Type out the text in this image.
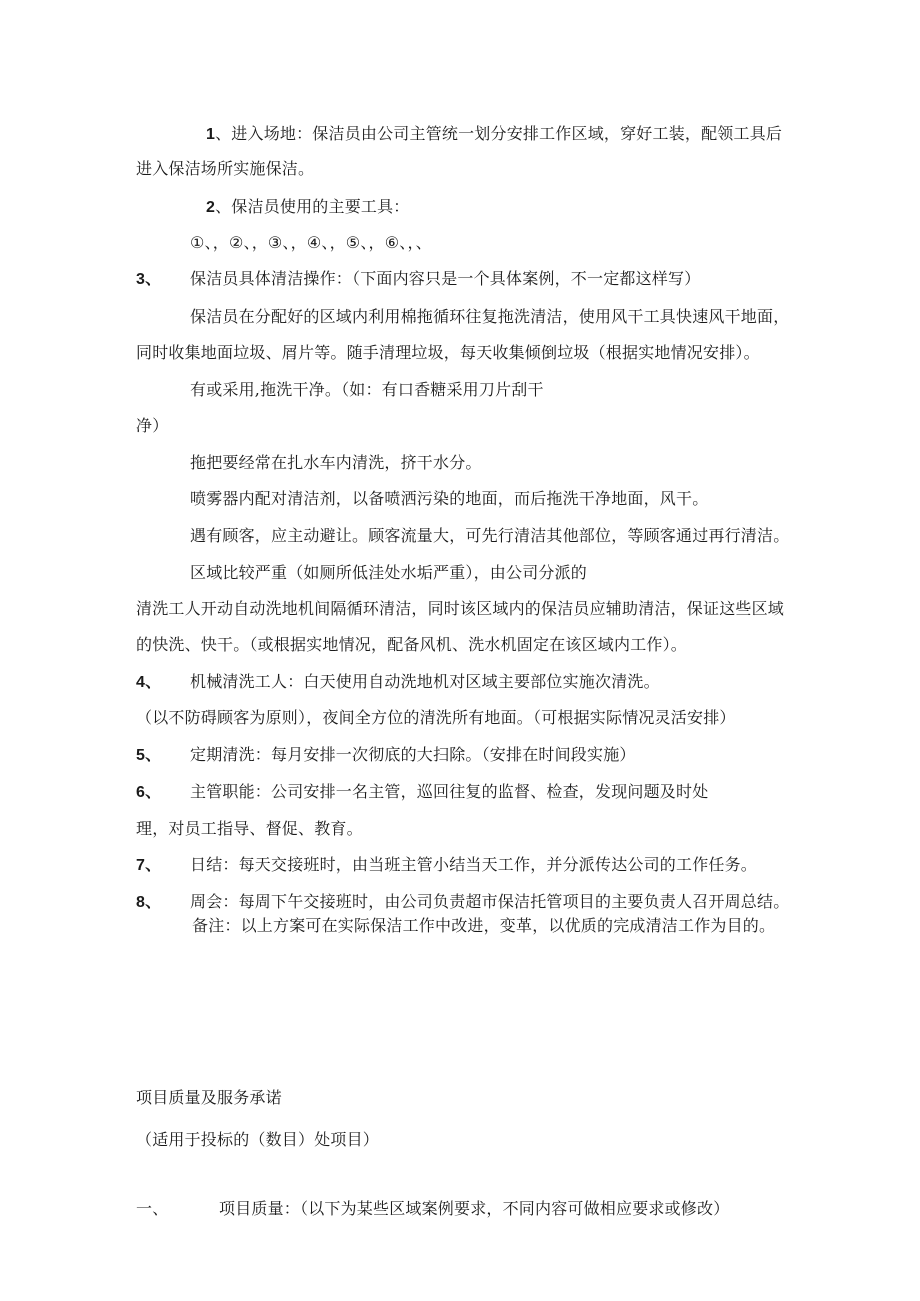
1、进入场地：保洁员由公司主管统一划分安排工作区域，穿好工装，配领工具后
进入保洁场所实施保洁。
2、保洁员使用的主要工具：
①、，②、，③、，④、，⑤、，⑥、，、
3、 保洁员具体清洁操作：（下面内容只是一个具体案例，不一定都这样写）
保洁员在分配好的区域内利用棉拖循环往复拖洗清洁，使用风干工具快速风干地面，
同时收集地面垃圾、屑片等。随手清理垃圾，每天收集倾倒垃圾（根据实地情况安排）。
有或采用,拖洗干净。（如：有口香糖采用刀片刮干
净）
拖把要经常在扎水车内清洗，挤干水分。
喷雾器内配对清洁剂，以备喷洒污染的地面，而后拖洗干净地面，风干。
遇有顾客，应主动避让。顾客流量大，可先行清洁其他部位，等顾客通过再行清洁。
区域比较严重（如厕所低洼处水垢严重），由公司分派的
清洗工人开动自动洗地机间隔循环清洁，同时该区域内的保洁员应辅助清洁，保证这些区域
的快洗、快干。（或根据实地情况，配备风机、洗水机固定在该区域内工作）。
4、 机械清洗工人：白天使用自动洗地机对区域主要部位实施次清洗。
（以不防碍顾客为原则），夜间全方位的清洗所有地面。（可根据实际情况灵活安排）
5、 定期清洗：每月安排一次彻底的大扫除。（安排在时间段实施）
6、 主管职能：公司安排一名主管，巡回往复的监督、检查，发现问题及时处
理，对员工指导、督促、教育。
7、 日结：每天交接班时，由当班主管小结当天工作，并分派传达公司的工作任务。
8、 周会：每周下午交接班时，由公司负责超市保洁托管项目的主要负责人召开周总结。
备注：以上方案可在实际保洁工作中改进，变革，以优质的完成清洁工作为目的。
项目质量及服务承诺
（适用于投标的（数目）处项目）
一、	项目质量：（以下为某些区域案例要求，不同内容可做相应要求或修改）
